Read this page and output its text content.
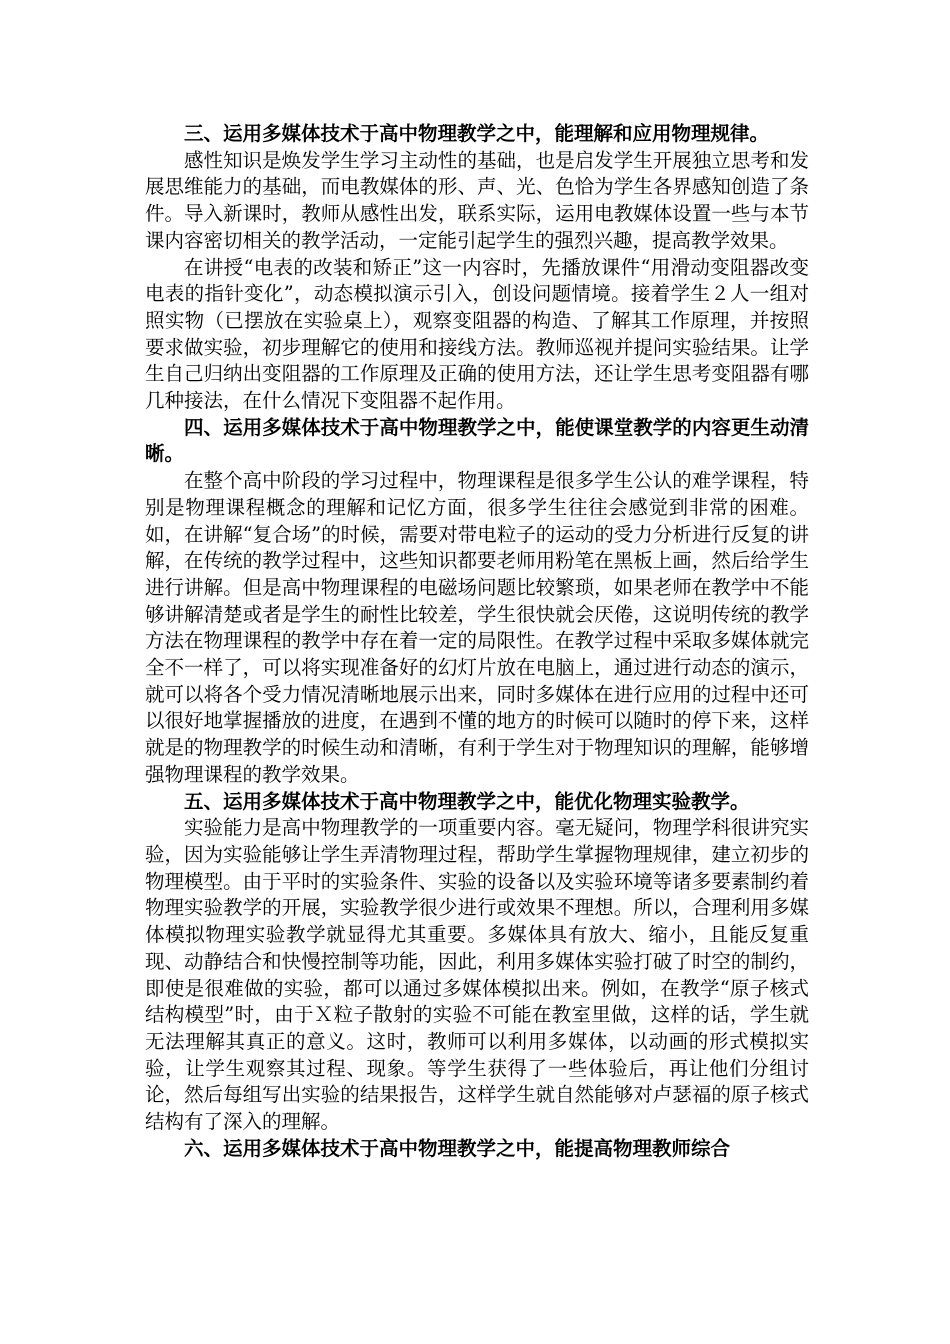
三、运用多媒体技术于高中物理教学之中，能理解和应用物理规律。

感性知识是焕发学生学习主动性的基础，也是启发学生开展独立思考和发展思维能力的基础，而电教媒体的形、声、光、色恰为学生各界感知创造了条件。导入新课时，教师从感性出发，联系实际，运用电教媒体设置一些与本节课内容密切相关的教学活动，一定能引起学生的强烈兴趣，提高教学效果。

在讲授“电表的改装和矫正”这一内容时，先播放课件“用滑动变阻器改变电表的指针变化”，动态模拟演示引入，创设问题情境。接着学生２人一组对照实物（已摆放在实验桌上），观察变阻器的构造、了解其工作原理，并按照要求做实验，初步理解它的使用和接线方法。教师巡视并提问实验结果。让学生自己归纳出变阻器的工作原理及正确的使用方法，还让学生思考变阻器有哪几种接法，在什么情况下变阻器不起作用。

四、运用多媒体技术于高中物理教学之中，能使课堂教学的内容更生动清晰。

在整个高中阶段的学习过程中，物理课程是很多学生公认的难学课程，特别是物理课程概念的理解和记忆方面，很多学生往往会感觉到非常的困难。如，在讲解“复合场”的时候，需要对带电粒子的运动的受力分析进行反复的讲解，在传统的教学过程中，这些知识都要老师用粉笔在黑板上画，然后给学生进行讲解。但是高中物理课程的电磁场问题比较繁琐，如果老师在教学中不能够讲解清楚或者是学生的耐性比较差，学生很快就会厌倦，这说明传统的教学方法在物理课程的教学中存在着一定的局限性。在教学过程中采取多媒体就完全不一样了，可以将实现准备好的幻灯片放在电脑上，通过进行动态的演示，就可以将各个受力情况清晰地展示出来，同时多媒体在进行应用的过程中还可以很好地掌握播放的进度，在遇到不懂的地方的时候可以随时的停下来，这样就是的物理教学的时候生动和清晰，有利于学生对于物理知识的理解，能够增强物理课程的教学效果。

五、运用多媒体技术于高中物理教学之中，能优化物理实验教学。

实验能力是高中物理教学的一项重要内容。毫无疑问，物理学科很讲究实验，因为实验能够让学生弄清物理过程，帮助学生掌握物理规律，建立初步的物理模型。由于平时的实验条件、实验的设备以及实验环境等诸多要素制约着物理实验教学的开展，实验教学很少进行或效果不理想。所以，合理利用多媒体模拟物理实验教学就显得尤其重要。多媒体具有放大、缩小，且能反复重现、动静结合和快慢控制等功能，因此，利用多媒体实验打破了时空的制约，即使是很难做的实验，都可以通过多媒体模拟出来。例如，在教学“原子核式结构模型”时，由于Ｘ粒子散射的实验不可能在教室里做，这样的话，学生就无法理解其真正的意义。这时，教师可以利用多媒体，以动画的形式模拟实验，让学生观察其过程、现象。等学生获得了一些体验后，再让他们分组讨论，然后每组写出实验的结果报告，这样学生就自然能够对卢瑟福的原子核式结构有了深入的理解。

六、运用多媒体技术于高中物理教学之中，能提高物理教师综合
